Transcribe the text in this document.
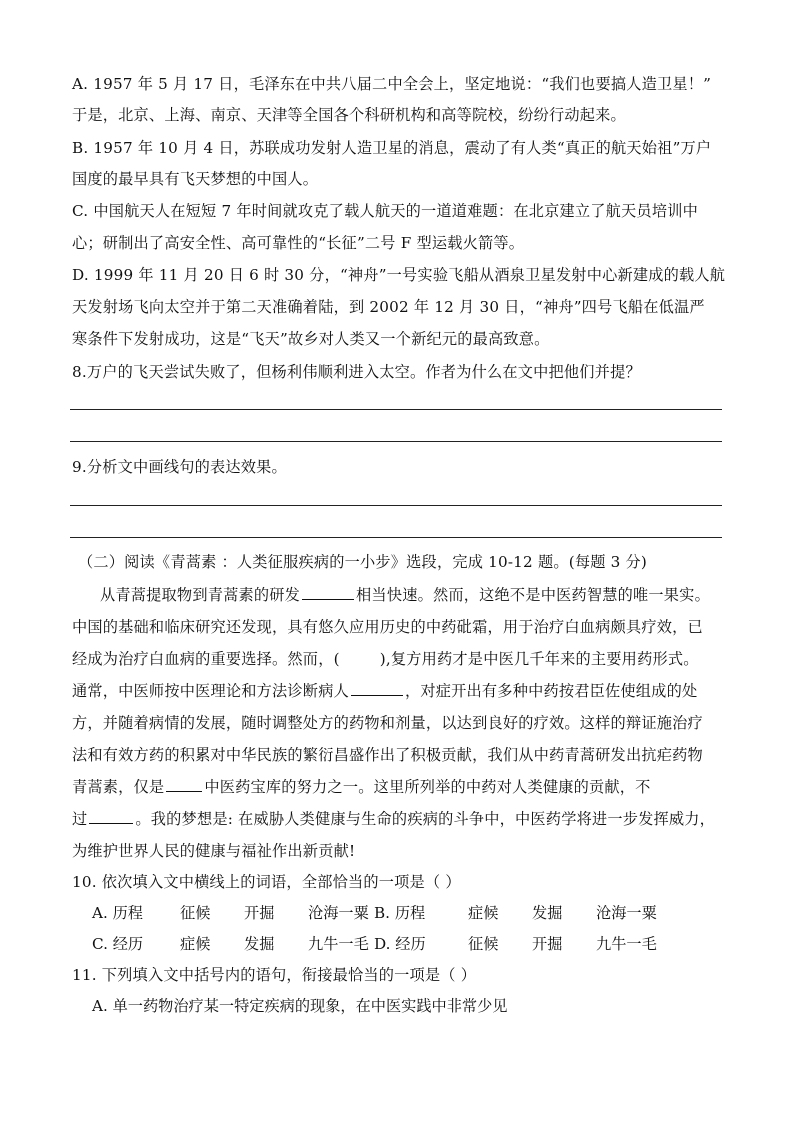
A. 1957 年 5 月 17 日，毛泽东在中共八届二中全会上，坚定地说：“我们也要搞人造卫星！”
于是，北京、上海、南京、天津等全国各个科研机构和高等院校，纷纷行动起来。
B. 1957 年 10 月 4 日，苏联成功发射人造卫星的消息，震动了有人类“真正的航天始祖”万户
国度的最早具有飞天梦想的中国人。
C. 中国航天人在短短 7 年时间就攻克了载人航天的一道道难题：在北京建立了航天员培训中
心；研制出了高安全性、高可靠性的“长征”二号 F 型运载火箭等。
D. 1999 年 11 月 20 日 6 时 30 分，“神舟”一号实验飞船从酒泉卫星发射中心新建成的载人航
天发射场飞向太空并于第二天准确着陆，到 2002 年 12 月 30 日，“神舟”四号飞船在低温严
寒条件下发射成功，这是“飞天”故乡对人类又一个新纪元的最高致意。
8.万户的飞天尝试失败了，但杨利伟顺利进入太空。作者为什么在文中把他们并提？
9.分析文中画线句的表达效果。
（二）阅读《青蒿素 ：人类征服疾病的一小步》选段，完成 10-12 题。(每题 3 分)
从青蒿提取物到青蒿素的研发	相当快速。然而，这绝不是中医药智慧的唯一果实。
中国的基础和临床研究还发现，具有悠久应用历史的中药砒霜，用于治疗白血病颇具疗效，已
经成为治疗白血病的重要选择。然而，(	),复方用药才是中医几千年来的主要用药形式。
通常，中医师按中医理论和方法诊断病人	，对症开出有多种中药按君臣佐使组成的处
方，并随着病情的发展，随时调整处方的药物和剂量，以达到良好的疗效。这样的辩证施治疗
法和有效方药的积累对中华民族的繁衍昌盛作出了积极贡献，我们从中药青蒿研发出抗疟药物
青蒿素，仅是	中医药宝库的努力之一。这里所列举的中药对人类健康的贡献，不
过	。我的梦想是: 在威胁人类健康与生命的疾病的斗争中，中医药学将进一步发挥威力，
为维护世界人民的健康与福祉作出新贡献!
10. 依次填入文中横线上的词语，全部恰当的一项是（ ）
A. 历程 征候 开掘 沧海一粟 B. 历程	症候 发掘 沧海一粟
C. 经历 症候 发掘 九牛一毛 D. 经历	征候 开掘 九牛一毛
11. 下列填入文中括号内的语句，衔接最恰当的一项是（ ）
A. 单一药物治疗某一特定疾病的现象，在中医实践中非常少见
